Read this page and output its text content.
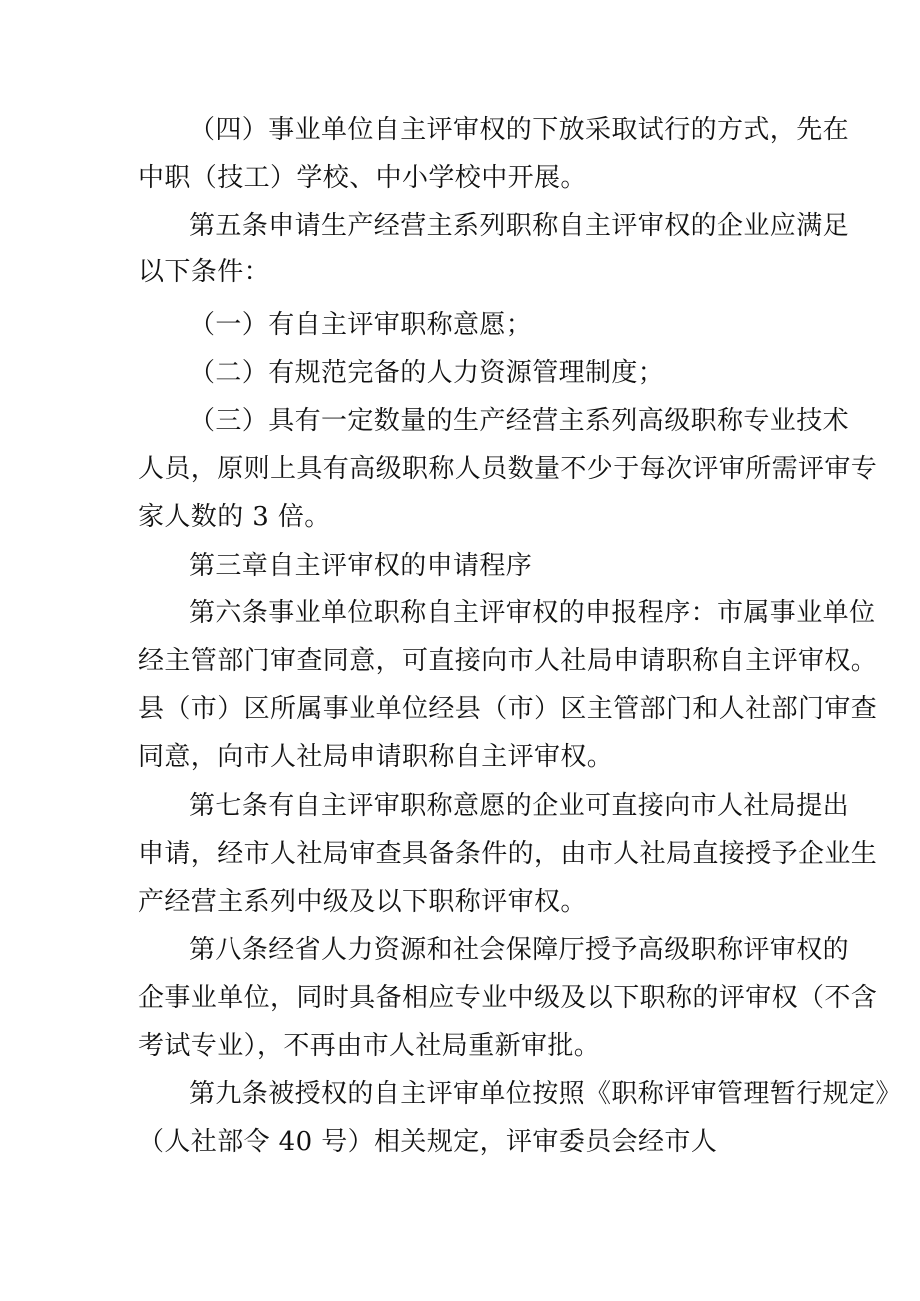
（四）事业单位自主评审权的下放采取试行的方式，先在
中职（技工）学校、中小学校中开展。
第五条申请生产经营主系列职称自主评审权的企业应满足
以下条件：
（一）有自主评审职称意愿；
（二）有规范完备的人力资源管理制度；
（三）具有一定数量的生产经营主系列高级职称专业技术
人员，原则上具有高级职称人员数量不少于每次评审所需评审专
家人数的 3 倍。
第三章自主评审权的申请程序
第六条事业单位职称自主评审权的申报程序：市属事业单位
经主管部门审查同意，可直接向市人社局申请职称自主评审权。
县（市）区所属事业单位经县（市）区主管部门和人社部门审查
同意，向市人社局申请职称自主评审权。
第七条有自主评审职称意愿的企业可直接向市人社局提出
申请，经市人社局审查具备条件的，由市人社局直接授予企业生
产经营主系列中级及以下职称评审权。
第八条经省人力资源和社会保障厅授予高级职称评审权的
企事业单位，同时具备相应专业中级及以下职称的评审权（不含
考试专业），不再由市人社局重新审批。
第九条被授权的自主评审单位按照《职称评审管理暂行规定》
（人社部令 40 号）相关规定，评审委员会经市人
